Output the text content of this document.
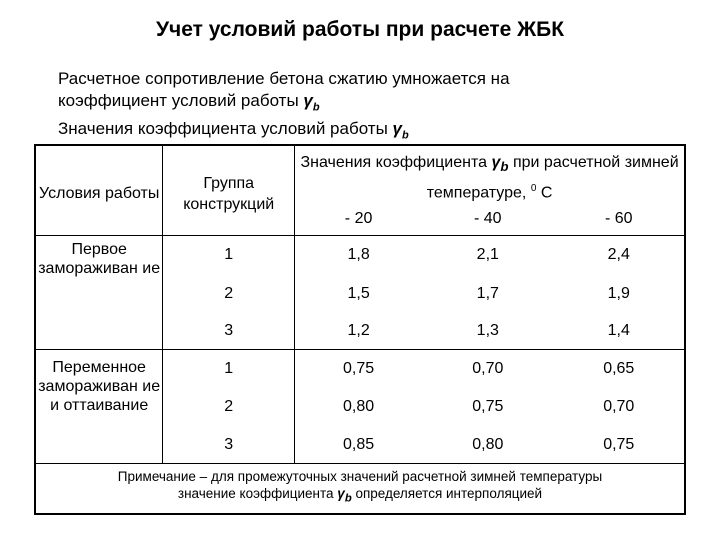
Учет условий работы при расчете ЖБК
Расчетное сопротивление бетона сжатию умножается на
коэффициент условий работы $\gamma_b$
Значения коэффициента условий работы $\gamma_b$
Условия работы	Группа конструкций	Значения коэффициента $\gamma_b$ при расчетной зимней температуре, $^0$ С		
		- 20	- 40	- 60
Первое замораживан ие	1	1,8	2,1	2,4
	2	1,5	1,7	1,9
	3	1,2	1,3	1,4
Переменное замораживан ие и оттаивание	1	0,75	0,70	0,65
	2	0,80	0,75	0,70
	3	0,85	0,80	0,75

Примечание – для промежуточных значений расчетной зимней температуры
значение коэффициента $\gamma_b$ определяется интерполяцией				
